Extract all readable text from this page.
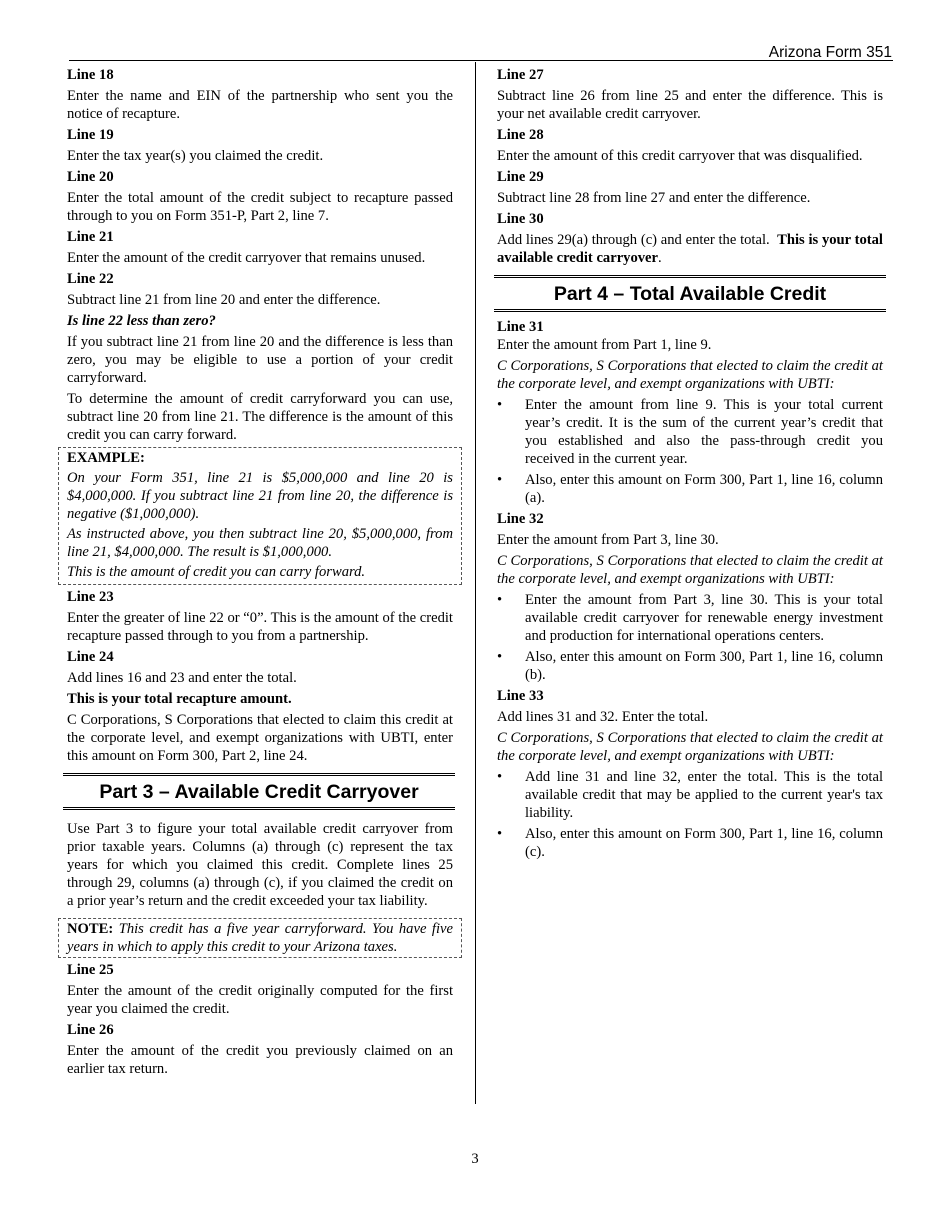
Arizona Form 351
Line 18

Enter the name and EIN of the partnership who sent you the notice of recapture.

Line 19

Enter the tax year(s) you claimed the credit.

Line 20

Enter the total amount of the credit subject to recapture passed through to you on Form 351-P, Part 2, line 7.

Line 21

Enter the amount of the credit carryover that remains unused.

Line 22

Subtract line 21 from line 20 and enter the difference.

Is line 22 less than zero?

If you subtract line 21 from line 20 and the difference is less than zero, you may be eligible to use a portion of your credit carryforward.

To determine the amount of credit carryforward you can use, subtract line 20 from line 21. The difference is the amount of this credit you can carry forward.

EXAMPLE:

On your Form 351, line 21 is $5,000,000 and line 20 is $4,000,000. If you subtract line 21 from line 20, the difference is negative ($1,000,000).

As instructed above, you then subtract line 20, $5,000,000, from line 21, $4,000,000. The result is $1,000,000.

This is the amount of credit you can carry forward.

Line 23

Enter the greater of line 22 or “0”. This is the amount of the credit recapture passed through to you from a partnership.

Line 24

Add lines 16 and 23 and enter the total.

This is your total recapture amount.

C Corporations, S Corporations that elected to claim this credit at the corporate level, and exempt organizations with UBTI, enter this amount on Form 300, Part 2, line 24.

Part 3 – Available Credit Carryover

Use Part 3 to figure your total available credit carryover from prior taxable years. Columns (a) through (c) represent the tax years for which you claimed this credit. Complete lines 25 through 29, columns (a) through (c), if you claimed the credit on a prior year’s return and the credit exceeded your tax liability.

NOTE: This credit has a five year carryforward. You have five years in which to apply this credit to your Arizona taxes.

Line 25

Enter the amount of the credit originally computed for the first year you claimed the credit.

Line 26

Enter the amount of the credit you previously claimed on an earlier tax return.

Line 27

Subtract line 26 from line 25 and enter the difference. This is your net available credit carryover.

Line 28

Enter the amount of this credit carryover that was disqualified.

Line 29

Subtract line 28 from line 27 and enter the difference.

Line 30

Add lines 29(a) through (c) and enter the total. This is your total available credit carryover.

Part 4 – Total Available Credit
Line 31

Enter the amount from Part 1, line 9.

C Corporations, S Corporations that elected to claim the credit at the corporate level, and exempt organizations with UBTI:

• Enter the amount from line 9. This is your total current year’s credit. It is the sum of the current year’s credit that you established and also the pass-through credit you received in the current year.
• Also, enter this amount on Form 300, Part 1, line 16, column (a).
Line 32

Enter the amount from Part 3, line 30.

C Corporations, S Corporations that elected to claim the credit at the corporate level, and exempt organizations with UBTI:

• Enter the amount from Part 3, line 30. This is your total available credit carryover for renewable energy investment and production for international operations centers.
• Also, enter this amount on Form 300, Part 1, line 16, column (b).
Line 33

Add lines 31 and 32. Enter the total.

C Corporations, S Corporations that elected to claim the credit at the corporate level, and exempt organizations with UBTI:

• Add line 31 and line 32, enter the total. This is the total available credit that may be applied to the current year's tax liability.
• Also, enter this amount on Form 300, Part 1, line 16, column (c).
3
